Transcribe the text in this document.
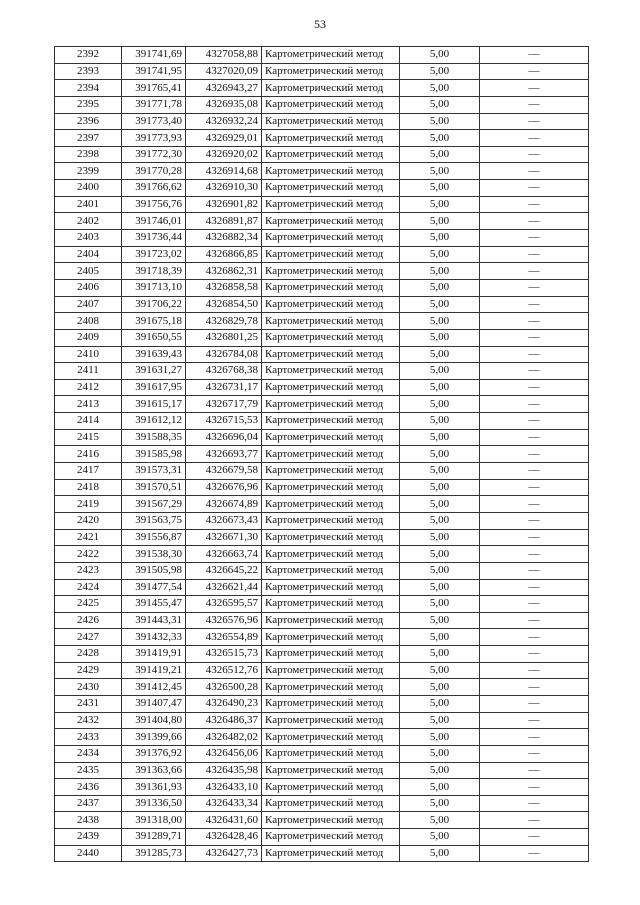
53
2392	391741,69	4327058,88	Картометрический метод	5,00	—
2393	391741,95	4327020,09	Картометрический метод	5,00	—
2394	391765,41	4326943,27	Картометрический метод	5,00	—
2395	391771,78	4326935,08	Картометрический метод	5,00	—
2396	391773,40	4326932,24	Картометрический метод	5,00	—
2397	391773,93	4326929,01	Картометрический метод	5,00	—
2398	391772,30	4326920,02	Картометрический метод	5,00	—
2399	391770,28	4326914,68	Картометрический метод	5,00	—
2400	391766,62	4326910,30	Картометрический метод	5,00	—
2401	391756,76	4326901,82	Картометрический метод	5,00	—
2402	391746,01	4326891,87	Картометрический метод	5,00	—
2403	391736,44	4326882,34	Картометрический метод	5,00	—
2404	391723,02	4326866,85	Картометрический метод	5,00	—
2405	391718,39	4326862,31	Картометрический метод	5,00	—
2406	391713,10	4326858,58	Картометрический метод	5,00	—
2407	391706,22	4326854,50	Картометрический метод	5,00	—
2408	391675,18	4326829,78	Картометрический метод	5,00	—
2409	391650,55	4326801,25	Картометрический метод	5,00	—
2410	391639,43	4326784,08	Картометрический метод	5,00	—
2411	391631,27	4326768,38	Картометрический метод	5,00	—
2412	391617,95	4326731,17	Картометрический метод	5,00	—
2413	391615,17	4326717,79	Картометрический метод	5,00	—
2414	391612,12	4326715,53	Картометрический метод	5,00	—
2415	391588,35	4326696,04	Картометрический метод	5,00	—
2416	391585,98	4326693,77	Картометрический метод	5,00	—
2417	391573,31	4326679,58	Картометрический метод	5,00	—
2418	391570,51	4326676,96	Картометрический метод	5,00	—
2419	391567,29	4326674,89	Картометрический метод	5,00	—
2420	391563,75	4326673,43	Картометрический метод	5,00	—
2421	391556,87	4326671,30	Картометрический метод	5,00	—
2422	391538,30	4326663,74	Картометрический метод	5,00	—
2423	391505,98	4326645,22	Картометрический метод	5,00	—
2424	391477,54	4326621,44	Картометрический метод	5,00	—
2425	391455,47	4326595,57	Картометрический метод	5,00	—
2426	391443,31	4326576,96	Картометрический метод	5,00	—
2427	391432,33	4326554,89	Картометрический метод	5,00	—
2428	391419,91	4326515,73	Картометрический метод	5,00	—
2429	391419,21	4326512,76	Картометрический метод	5,00	—
2430	391412,45	4326500,28	Картометрический метод	5,00	—
2431	391407,47	4326490,23	Картометрический метод	5,00	—
2432	391404,80	4326486,37	Картометрический метод	5,00	—
2433	391399,66	4326482,02	Картометрический метод	5,00	—
2434	391376,92	4326456,06	Картометрический метод	5,00	—
2435	391363,66	4326435,98	Картометрический метод	5,00	—
2436	391361,93	4326433,10	Картометрический метод	5,00	—
2437	391336,50	4326433,34	Картометрический метод	5,00	—
2438	391318,00	4326431,60	Картометрический метод	5,00	—
2439	391289,71	4326428,46	Картометрический метод	5,00	—
2440	391285,73	4326427,73	Картометрический метод	5,00	—
